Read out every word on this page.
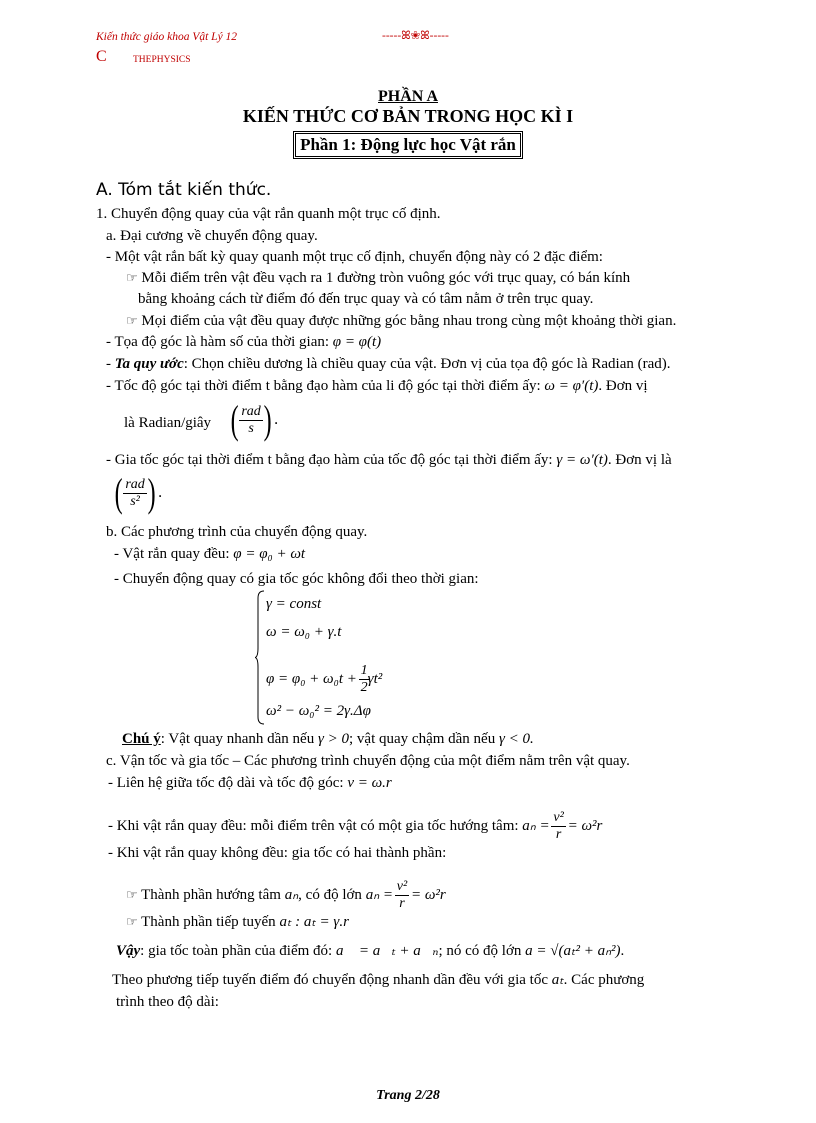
Kiến thức giáo khoa Vật Lý 12	-----ꕤ❀ꕤ-----
C	THEPHYSICS
PHẦN A
KIẾN THỨC CƠ BẢN TRONG HỌC KÌ I
Phần 1: Động lực học Vật rắn
A. Tóm tắt kiến thức.
1. Chuyển động quay của vật rắn quanh một trục cố định.
a. Đại cương về chuyển động quay.
- Một vật rắn bất kỳ quay quanh một trục cố định, chuyển động này có 2 đặc điểm:
☞ Mỗi điểm trên vật đều vạch ra 1 đường tròn vuông góc với trục quay, có bán kính
bằng khoảng cách từ điểm đó đến trục quay và có tâm nằm ở trên trục quay.
☞ Mọi điểm của vật đều quay được những góc bằng nhau trong cùng một khoảng thời gian.
- Tọa độ góc là hàm số của thời gian: φ = φ(t)
- Ta quy ước: Chọn chiều dương là chiều quay của vật. Đơn vị của tọa độ góc là Radian (rad).
- Tốc độ góc tại thời điểm t bằng đạo hàm của li độ góc tại thời điểm ấy: ω = φ′(t). Đơn vị
là Radian/giây ( $\frac{\text{rad}}{s}$ ) .
- Gia tốc góc tại thời điểm t bằng đạo hàm của tốc độ góc tại thời điểm ấy: γ = ω′(t). Đơn vị là
( $\frac{\text{rad}}{\text{s²}}$ ) .
b. Các phương trình của chuyển động quay.
- Vật rắn quay đều: φ = φ₀ + ωt
- Chuyển động quay có gia tốc góc không đổi theo thời gian:
γ = const
ω = ω₀ + γ.t
$\varphi = \varphi_0 + \omega_0t + \frac{1}{2}$
γt²
ω² − ω₀² = 2γ.Δφ
Chú ý: Vật quay nhanh dần nếu γ > 0; vật quay chậm dần nếu γ < 0.
c. Vận tốc và gia tốc – Các phương trình chuyển động của một điểm nằm trên vật quay.
- Liên hệ giữa tốc độ dài và tốc độ góc: v = ω.r
- Khi vật rắn quay đều: mỗi điểm trên vật có một gia tốc hướng tâm: $a_n = \frac{\text{v²}}{r} = \omega^2r$
- Khi vật rắn quay không đều: gia tốc có hai thành phần:
☞ Thành phần hướng tâm aₙ, có độ lớn $a_n = \frac{\text{v²}}{r} = \omega^2r$
☞ Thành phần tiếp tuyến aₜ : aₜ = γ.r
Vậy: gia tốc toàn phần của điểm đó: a⃗ = a⃗ₜ + a⃗ₙ; nó có độ lớn a = √(aₜ² + aₙ²).
Theo phương tiếp tuyến điểm đó chuyển động nhanh dần đều với gia tốc aₜ. Các phương
trình theo độ dài:
Trang 2/28
